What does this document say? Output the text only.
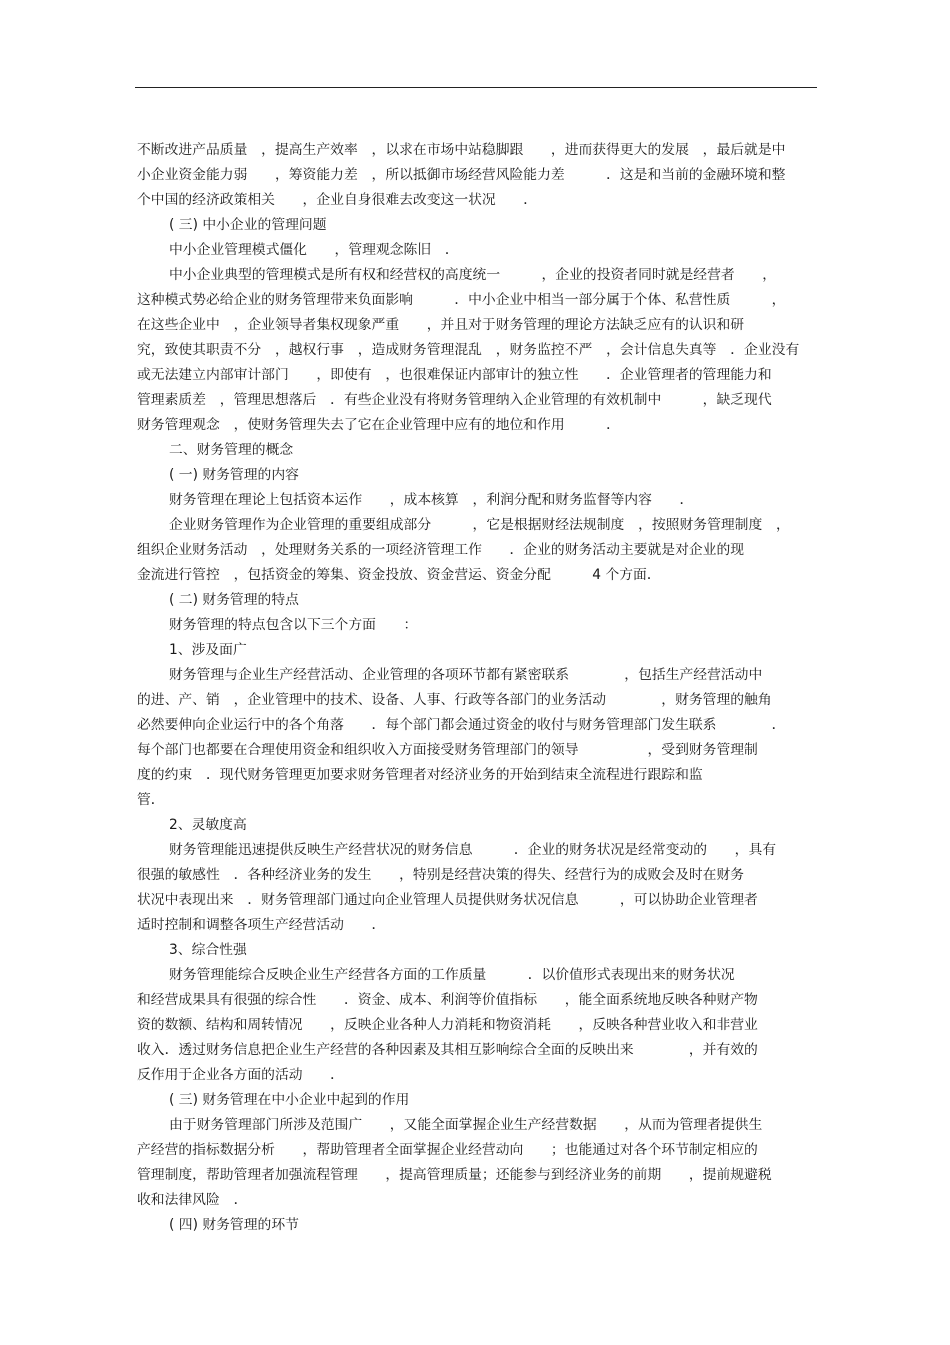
不断改进产品质量　，提高生产效率　，以求在市场中站稳脚跟　　，进而获得更大的发展　，最后就是中
小企业资金能力弱　　，筹资能力差　，所以抵御市场经营风险能力差　　　．这是和当前的金融环境和整
个中国的经济政策相关　　，企业自身很难去改变这一状况　　．
( 三) 中小企业的管理问题
中小企业管理模式僵化　　，管理观念陈旧　．
中小企业典型的管理模式是所有权和经营权的高度统一　　　，企业的投资者同时就是经营者　　，
这种模式势必给企业的财务管理带来负面影响　　　．中小企业中相当一部分属于个体、私营性质　　　，
在这些企业中　，企业领导者集权现象严重　　，并且对于财务管理的理论方法缺乏应有的认识和研
究，致使其职责不分　，越权行事　，造成财务管理混乱　，财务监控不严　，会计信息失真等　．企业没有
或无法建立内部审计部门　　，即使有　，也很难保证内部审计的独立性　　．企业管理者的管理能力和
管理素质差　，管理思想落后　．有些企业没有将财务管理纳入企业管理的有效机制中　　　，缺乏现代
财务管理观念　，使财务管理失去了它在企业管理中应有的地位和作用　　　．
二、财务管理的概念
( 一) 财务管理的内容
财务管理在理论上包括资本运作　　，成本核算　，利润分配和财务监督等内容　　．
企业财务管理作为企业管理的重要组成部分　　　，它是根据财经法规制度　，按照财务管理制度　，
组织企业财务活动　，处理财务关系的一项经济管理工作　　．企业的财务活动主要就是对企业的现
金流进行管控　，包括资金的筹集、资金投放、资金营运、资金分配　　　4 个方面．
( 二) 财务管理的特点
财务管理的特点包含以下三个方面　　：
1、涉及面广
财务管理与企业生产经营活动、企业管理的各项环节都有紧密联系　　　　，包括生产经营活动中
的进、产、销　，企业管理中的技术、设备、人事、行政等各部门的业务活动　　　　，财务管理的触角
必然要伸向企业运行中的各个角落　　．每个部门都会通过资金的收付与财务管理部门发生联系　　　　．
每个部门也都要在合理使用资金和组织收入方面接受财务管理部门的领导　　　　　，受到财务管理制
度的约束　．现代财务管理更加要求财务管理者对经济业务的开始到结束全流程进行跟踪和监
管．
2、灵敏度高
财务管理能迅速提供反映生产经营状况的财务信息　　　．企业的财务状况是经常变动的　　，具有
很强的敏感性　．各种经济业务的发生　　，特别是经营决策的得失、经营行为的成败会及时在财务
状况中表现出来　．财务管理部门通过向企业管理人员提供财务状况信息　　　，可以协助企业管理者
适时控制和调整各项生产经营活动　　．
3、综合性强
财务管理能综合反映企业生产经营各方面的工作质量　　　．以价值形式表现出来的财务状况
和经营成果具有很强的综合性　　．资金、成本、利润等价值指标　　，能全面系统地反映各种财产物
资的数额、结构和周转情况　　，反映企业各种人力消耗和物资消耗　　，反映各种营业收入和非营业
收入．透过财务信息把企业生产经营的各种因素及其相互影响综合全面的反映出来　　　　，并有效的
反作用于企业各方面的活动　　．
( 三) 财务管理在中小企业中起到的作用
由于财务管理部门所涉及范围广　　，又能全面掌握企业生产经营数据　　，从而为管理者提供生
产经营的指标数据分析　　，帮助管理者全面掌握企业经营动向　　；也能通过对各个环节制定相应的
管理制度，帮助管理者加强流程管理　　，提高管理质量；还能参与到经济业务的前期　　，提前规避税
收和法律风险　．
( 四) 财务管理的环节
